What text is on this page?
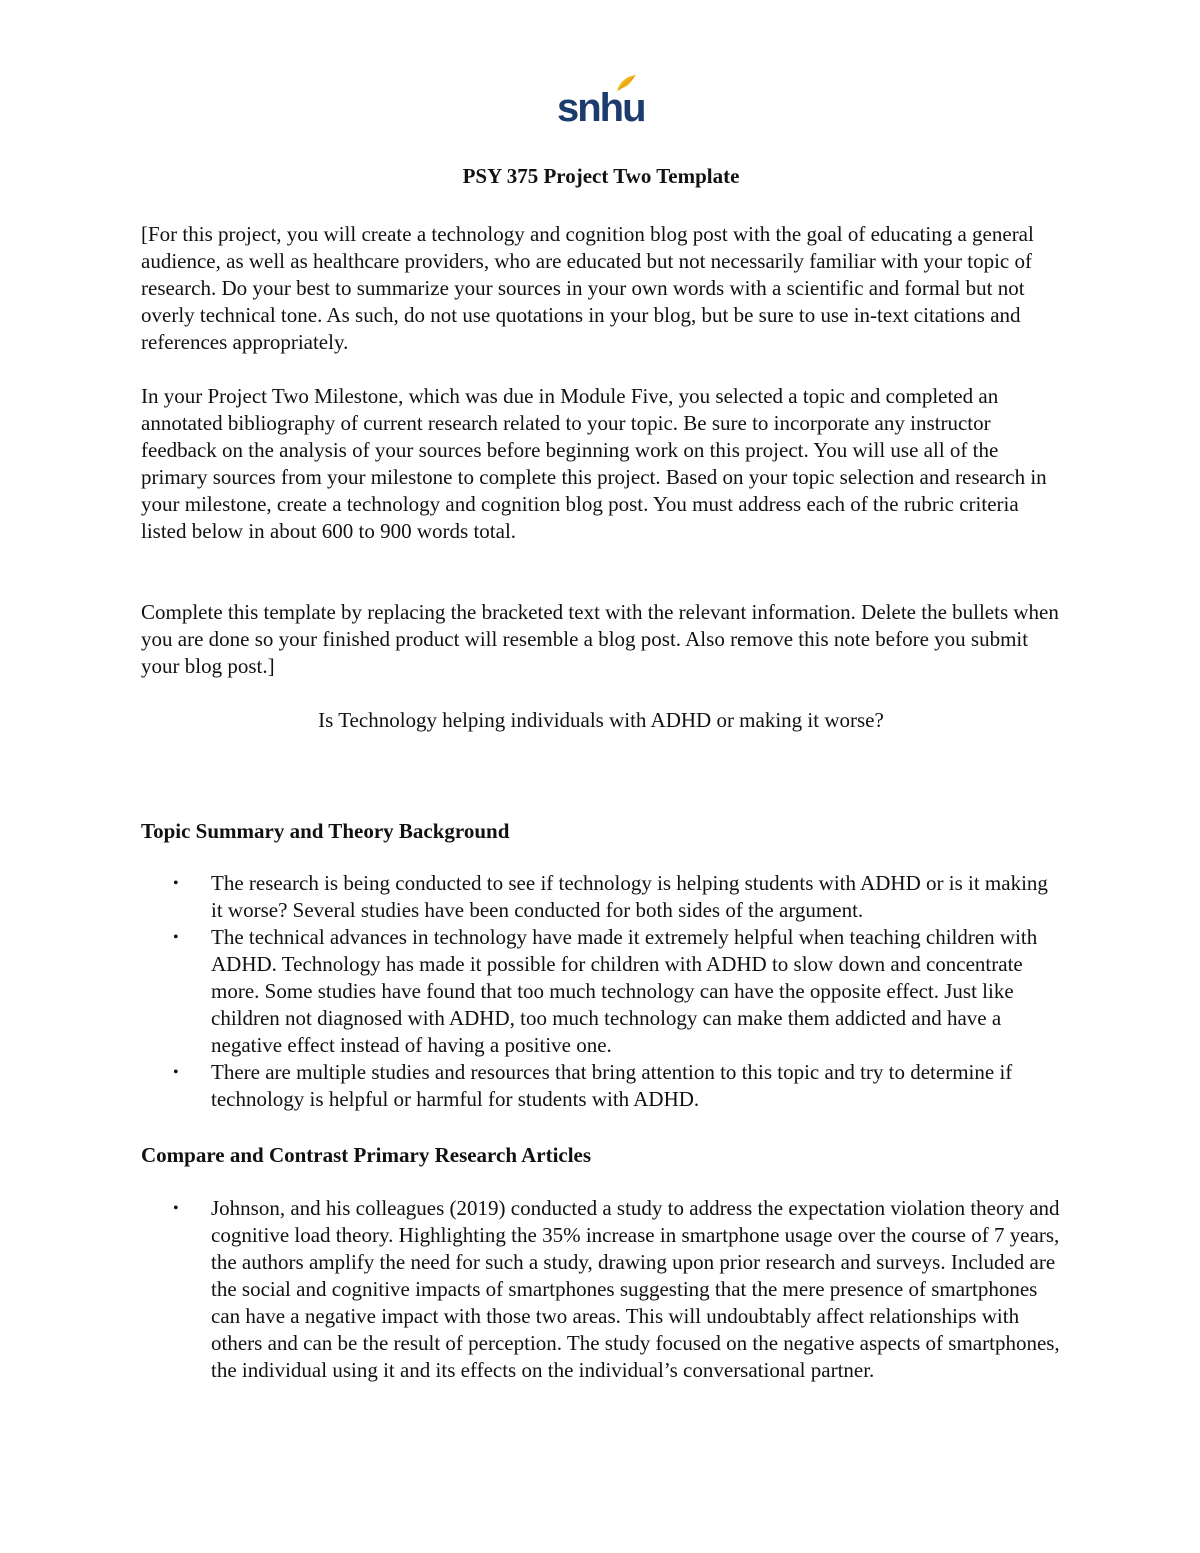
snhu
PSY 375 Project Two Template

[For this project, you will create a technology and cognition blog post with the goal of educating a general audience, as well as healthcare providers, who are educated but not necessarily familiar with your topic of research. Do your best to summarize your sources in your own words with a scientific and formal but not overly technical tone. As such, do not use quotations in your blog, but be sure to use in-text citations and references appropriately.

In your Project Two Milestone, which was due in Module Five, you selected a topic and completed an annotated bibliography of current research related to your topic. Be sure to incorporate any instructor feedback on the analysis of your sources before beginning work on this project. You will use all of the primary sources from your milestone to complete this project. Based on your topic selection and research in your milestone, create a technology and cognition blog post. You must address each of the rubric criteria listed below in about 600 to 900 words total.

Complete this template by replacing the bracketed text with the relevant information. Delete the bullets when you are done so your finished product will resemble a blog post. Also remove this note before you submit your blog post.]

Is Technology helping individuals with ADHD or making it worse?

Topic Summary and Theory Background
• The research is being conducted to see if technology is helping students with ADHD or is it making it worse? Several studies have been conducted for both sides of the argument.
• The technical advances in technology have made it extremely helpful when teaching children with ADHD. Technology has made it possible for children with ADHD to slow down and concentrate more. Some studies have found that too much technology can have the opposite effect. Just like children not diagnosed with ADHD, too much technology can make them addicted and have a negative effect instead of having a positive one.
• There are multiple studies and resources that bring attention to this topic and try to determine if technology is helpful or harmful for students with ADHD.
Compare and Contrast Primary Research Articles
• Johnson, and his colleagues (2019) conducted a study to address the expectation violation theory and cognitive load theory. Highlighting the 35% increase in smartphone usage over the course of 7 years, the authors amplify the need for such a study, drawing upon prior research and surveys. Included are the social and cognitive impacts of smartphones suggesting that the mere presence of smartphones can have a negative impact with those two areas. This will undoubtably affect relationships with others and can be the result of perception. The study focused on the negative aspects of smartphones, the individual using it and its effects on the individual’s conversational partner.
